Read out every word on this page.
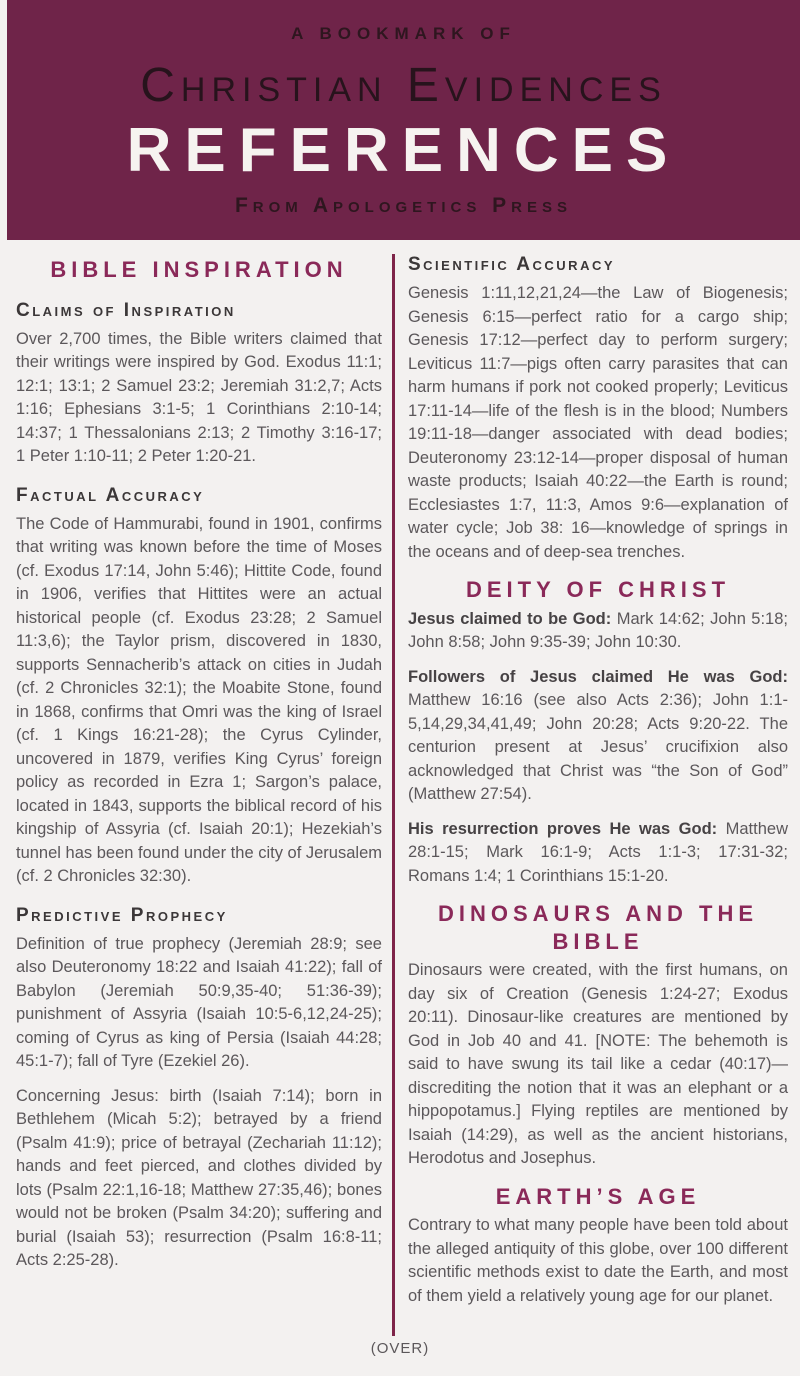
A BOOKMARK OF
Christian Evidences
REFERENCES
From Apologetics Press
BIBLE INSPIRATION
Claims of Inspiration

Over 2,700 times, the Bible writers claimed that their writings were inspired by God. Exodus 11:1; 12:1; 13:1; 2 Samuel 23:2; Jeremiah 31:2,7; Acts 1:16; Ephesians 3:1-5; 1 Corinthians 2:10-14; 14:37; 1 Thessalonians 2:13; 2 Timothy 3:16-17; 1 Peter 1:10-11; 2 Peter 1:20-21.

Factual Accuracy

The Code of Hammurabi, found in 1901, confirms that writing was known before the time of Moses (cf. Exodus 17:14, John 5:46); Hittite Code, found in 1906, verifies that Hittites were an actual historical people (cf. Exodus 23:28; 2 Samuel 11:3,6); the Taylor prism, discovered in 1830, supports Sennacherib’s attack on cities in Judah (cf. 2 Chronicles 32:1); the Moabite Stone, found in 1868, confirms that Omri was the king of Israel (cf. 1 Kings 16:21-28); the Cyrus Cylinder, uncovered in 1879, verifies King Cyrus’ foreign policy as recorded in Ezra 1; Sargon’s palace, located in 1843, supports the biblical record of his kingship of Assyria (cf. Isaiah 20:1); Hezekiah’s tunnel has been found under the city of Jerusalem (cf. 2 Chronicles 32:30).

Predictive Prophecy

Definition of true prophecy (Jeremiah 28:9; see also Deuteronomy 18:22 and Isaiah 41:22); fall of Babylon (Jeremiah 50:9,35-40; 51:36-39); punishment of Assyria (Isaiah 10:5-6,12,24-25); coming of Cyrus as king of Persia (Isaiah 44:28; 45:1-7); fall of Tyre (Ezekiel 26).

Concerning Jesus: birth (Isaiah 7:14); born in Bethlehem (Micah 5:2); betrayed by a friend (Psalm 41:9); price of betrayal (Zechariah 11:12); hands and feet pierced, and clothes divided by lots (Psalm 22:1,16-18; Matthew 27:35,46); bones would not be broken (Psalm 34:20); suffering and burial (Isaiah 53); resurrection (Psalm 16:8-11; Acts 2:25-28).

Scientific Accuracy

Genesis 1:11,12,21,24—the Law of Biogenesis; Genesis 6:15—perfect ratio for a cargo ship; Genesis 17:12—perfect day to perform surgery; Leviticus 11:7—pigs often carry parasites that can harm humans if pork not cooked properly; Leviticus 17:11-14—life of the flesh is in the blood; Numbers 19:11-18—danger associated with dead bodies; Deuteronomy 23:12-14—proper disposal of human waste products; Isaiah 40:22—the Earth is round; Ecclesiastes 1:7, 11:3, Amos 9:6—explanation of water cycle; Job 38: 16—knowledge of springs in the oceans and of deep-sea trenches.

DEITY OF CHRIST

Jesus claimed to be God: Mark 14:62; John 5:18; John 8:58; John 9:35-39; John 10:30.

Followers of Jesus claimed He was God: Matthew 16:16 (see also Acts 2:36); John 1:1-5,14,29,34,41,49; John 20:28; Acts 9:20-22. The centurion present at Jesus’ crucifixion also acknowledged that Christ was “the Son of God” (Matthew 27:54).

His resurrection proves He was God: Matthew 28:1-15; Mark 16:1-9; Acts 1:1-3; 17:31-32; Romans 1:4; 1 Corinthians 15:1-20.

DINOSAURS AND THE BIBLE

Dinosaurs were created, with the first humans, on day six of Creation (Genesis 1:24-27; Exodus 20:11). Dinosaur-like creatures are mentioned by God in Job 40 and 41. [NOTE: The behemoth is said to have swung its tail like a cedar (40:17)—discrediting the notion that it was an elephant or a hippopotamus.] Flying reptiles are mentioned by Isaiah (14:29), as well as the ancient historians, Herodotus and Josephus.

EARTH’S AGE

Contrary to what many people have been told about the alleged antiquity of this globe, over 100 different scientific methods exist to date the Earth, and most of them yield a relatively young age for our planet.

(OVER)
